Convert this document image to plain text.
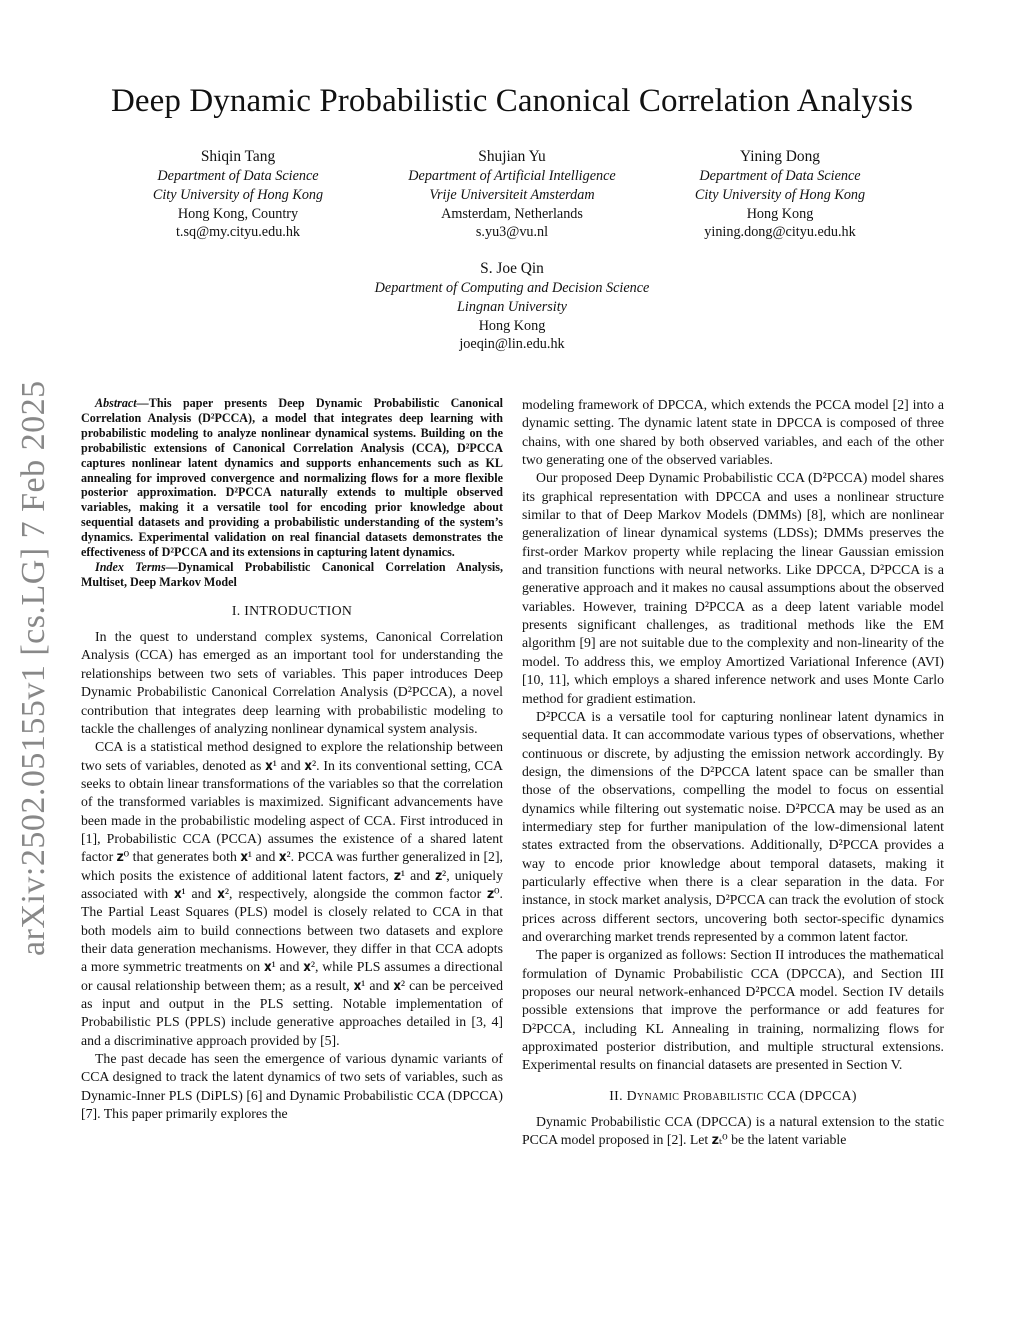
arXiv:2502.05155v1 [cs.LG] 7 Feb 2025
Deep Dynamic Probabilistic Canonical Correlation Analysis
Shiqin Tang
Department of Data Science
City University of Hong Kong
Hong Kong, Country
t.sq@my.cityu.edu.hk
Shujian Yu
Department of Artificial Intelligence
Vrije Universiteit Amsterdam
Amsterdam, Netherlands
s.yu3@vu.nl
Yining Dong
Department of Data Science
City University of Hong Kong
Hong Kong
yining.dong@cityu.edu.hk
S. Joe Qin
Department of Computing and Decision Science
Lingnan University
Hong Kong
joeqin@lin.edu.hk

Abstract—This paper presents Deep Dynamic Probabilistic Canonical Correlation Analysis (D²PCCA), a model that integrates deep learning with probabilistic modeling to analyze nonlinear dynamical systems. Building on the probabilistic extensions of Canonical Correlation Analysis (CCA), D²PCCA captures nonlinear latent dynamics and supports enhancements such as KL annealing for improved convergence and normalizing flows for a more flexible posterior approximation. D²PCCA naturally extends to multiple observed variables, making it a versatile tool for encoding prior knowledge about sequential datasets and providing a probabilistic understanding of the system’s dynamics. Experimental validation on real financial datasets demonstrates the effectiveness of D²PCCA and its extensions in capturing latent dynamics.

Index Terms—Dynamical Probabilistic Canonical Correlation Analysis, Multiset, Deep Markov Model

I. INTRODUCTION

In the quest to understand complex systems, Canonical Correlation Analysis (CCA) has emerged as an important tool for understanding the relationships between two sets of variables. This paper introduces Deep Dynamic Probabilistic Canonical Correlation Analysis (D²PCCA), a novel contribution that integrates deep learning with probabilistic modeling to tackle the challenges of analyzing nonlinear dynamical system analysis.

CCA is a statistical method designed to explore the relationship between two sets of variables, denoted as 𝐱¹ and 𝐱². In its conventional setting, CCA seeks to obtain linear transformations of the variables so that the correlation of the transformed variables is maximized. Significant advancements have been made in the probabilistic modeling aspect of CCA. First introduced in [1], Probabilistic CCA (PCCA) assumes the existence of a shared latent factor 𝐳⁰ that generates both 𝐱¹ and 𝐱². PCCA was further generalized in [2], which posits the existence of additional latent factors, 𝐳¹ and 𝐳², uniquely associated with 𝐱¹ and 𝐱², respectively, alongside the common factor 𝐳⁰. The Partial Least Squares (PLS) model is closely related to CCA in that both models aim to build connections between two datasets and explore their data generation mechanisms. However, they differ in that CCA adopts a more symmetric treatments on 𝐱¹ and 𝐱², while PLS assumes a directional or causal relationship between them; as a result, 𝐱¹ and 𝐱² can be perceived as input and output in the PLS setting. Notable implementation of Probabilistic PLS (PPLS) include generative approaches detailed in [3, 4] and a discriminative approach provided by [5].

The past decade has seen the emergence of various dynamic variants of CCA designed to track the latent dynamics of two sets of variables, such as Dynamic-Inner PLS (DiPLS) [6] and Dynamic Probabilistic CCA (DPCCA) [7]. This paper primarily explores the

modeling framework of DPCCA, which extends the PCCA model [2] into a dynamic setting. The dynamic latent state in DPCCA is composed of three chains, with one shared by both observed variables, and each of the other two generating one of the observed variables.

Our proposed Deep Dynamic Probabilistic CCA (D²PCCA) model shares its graphical representation with DPCCA and uses a nonlinear structure similar to that of Deep Markov Models (DMMs) [8], which are nonlinear generalization of linear dynamical systems (LDSs); DMMs preserves the first-order Markov property while replacing the linear Gaussian emission and transition functions with neural networks. Like DPCCA, D²PCCA is a generative approach and it makes no causal assumptions about the observed variables. However, training D²PCCA as a deep latent variable model presents significant challenges, as traditional methods like the EM algorithm [9] are not suitable due to the complexity and non-linearity of the model. To address this, we employ Amortized Variational Inference (AVI) [10, 11], which employs a shared inference network and uses Monte Carlo method for gradient estimation.

D²PCCA is a versatile tool for capturing nonlinear latent dynamics in sequential data. It can accommodate various types of observations, whether continuous or discrete, by adjusting the emission network accordingly. By design, the dimensions of the D²PCCA latent space can be smaller than those of the observations, compelling the model to focus on essential dynamics while filtering out systematic noise. D²PCCA may be used as an intermediary step for further manipulation of the low-dimensional latent states extracted from the observations. Additionally, D²PCCA provides a way to encode prior knowledge about temporal datasets, making it particularly effective when there is a clear separation in the data. For instance, in stock market analysis, D²PCCA can track the evolution of stock prices across different sectors, uncovering both sector-specific dynamics and overarching market trends represented by a common latent factor.

The paper is organized as follows: Section II introduces the mathematical formulation of Dynamic Probabilistic CCA (DPCCA), and Section III proposes our neural network-enhanced D²PCCA model. Section IV details possible extensions that improve the performance or add features for D²PCCA, including KL Annealing in training, normalizing flows for approximated posterior distribution, and multiple structural extensions. Experimental results on financial datasets are presented in Section V.

II. Dynamic Probabilistic CCA (DPCCA)

Dynamic Probabilistic CCA (DPCCA) is a natural extension to the static PCCA model proposed in [2]. Let 𝐳ₜ⁰ be the latent variable
